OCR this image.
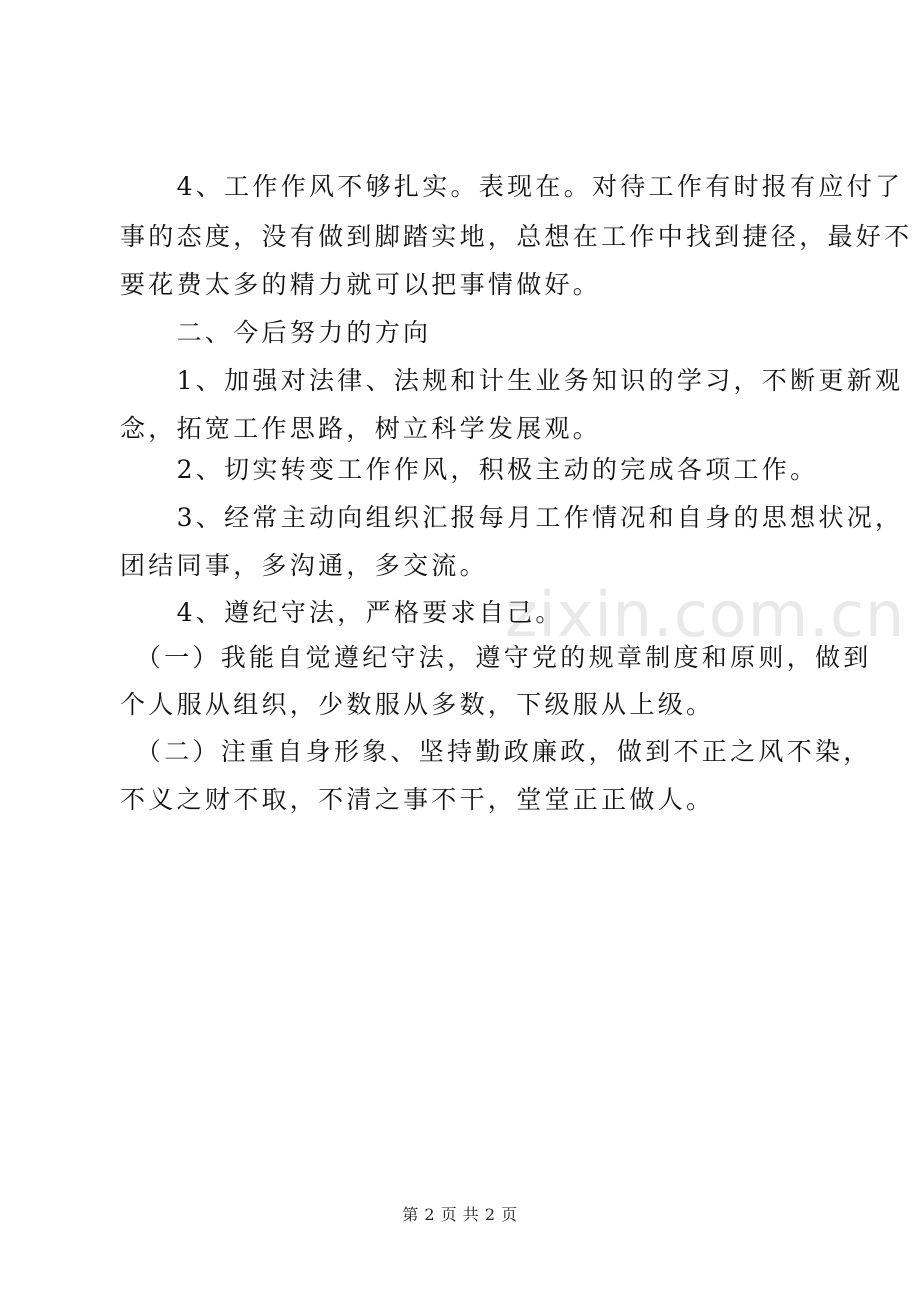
zixin.com.cn
　　4、工作作风不够扎实。表现在。对待工作有时报有应付了
事的态度，没有做到脚踏实地，总想在工作中找到捷径，最好不
要花费太多的精力就可以把事情做好。
　　二、今后努力的方向
　　1、加强对法律、法规和计生业务知识的学习，不断更新观
念，拓宽工作思路，树立科学发展观。
　　2、切实转变工作作风，积极主动的完成各项工作。
　　3、经常主动向组织汇报每月工作情况和自身的思想状况，
团结同事，多沟通，多交流。
　　4、遵纪守法，严格要求自己。
　（一）我能自觉遵纪守法，遵守党的规章制度和原则，做到
个人服从组织，少数服从多数，下级服从上级。
　（二）注重自身形象、坚持勤政廉政，做到不正之风不染，
不义之财不取，不清之事不干，堂堂正正做人。
第 2 页 共 2 页
